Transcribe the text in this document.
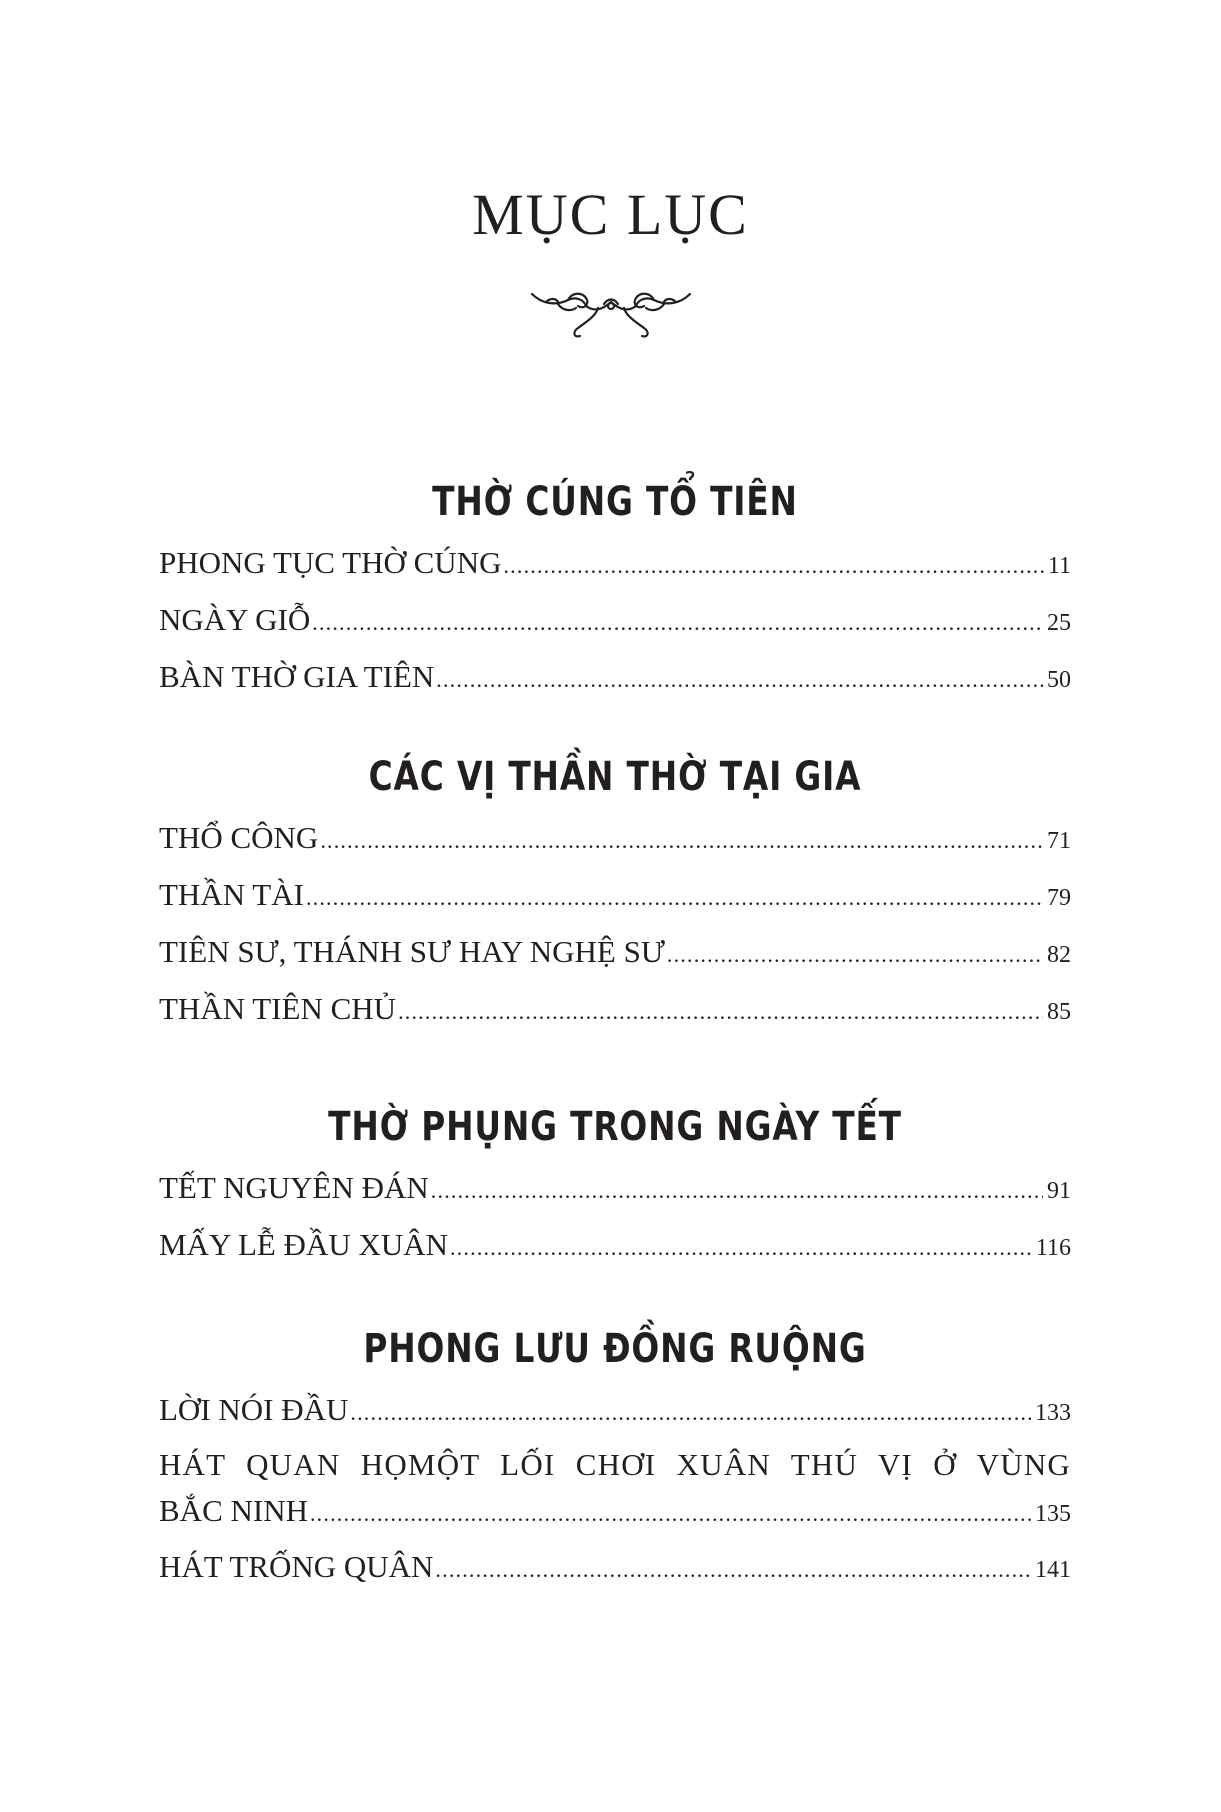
MỤC LỤC
THỜ CÚNG TỔ TIÊN
PHONG TỤC THỜ CÚNG .....	11
NGÀY GIỖ .....	25
BÀN THỜ GIA TIÊN .....	50
CÁC VỊ THẦN THỜ TẠI GIA
THỔ CÔNG .....	71
THẦN TÀI .....	79
TIÊN SƯ, THÁNH SƯ HAY NGHỆ SƯ .....	82
THẦN TIÊN CHỦ .....	85
THỜ PHỤNG TRONG NGÀY TẾT
TẾT NGUYÊN ĐÁN .....	91
MẤY LỄ ĐẦU XUÂN .....	116
PHONG LƯU ĐỒNG RUỘNG
LỜI NÓI ĐẦU .....	133
HÁT QUAN HỌMỘT LỐI CHƠI XUÂN THÚ VỊ Ở VÙNG
BẮC NINH .....	135
HÁT TRỐNG QUÂN .....	141
